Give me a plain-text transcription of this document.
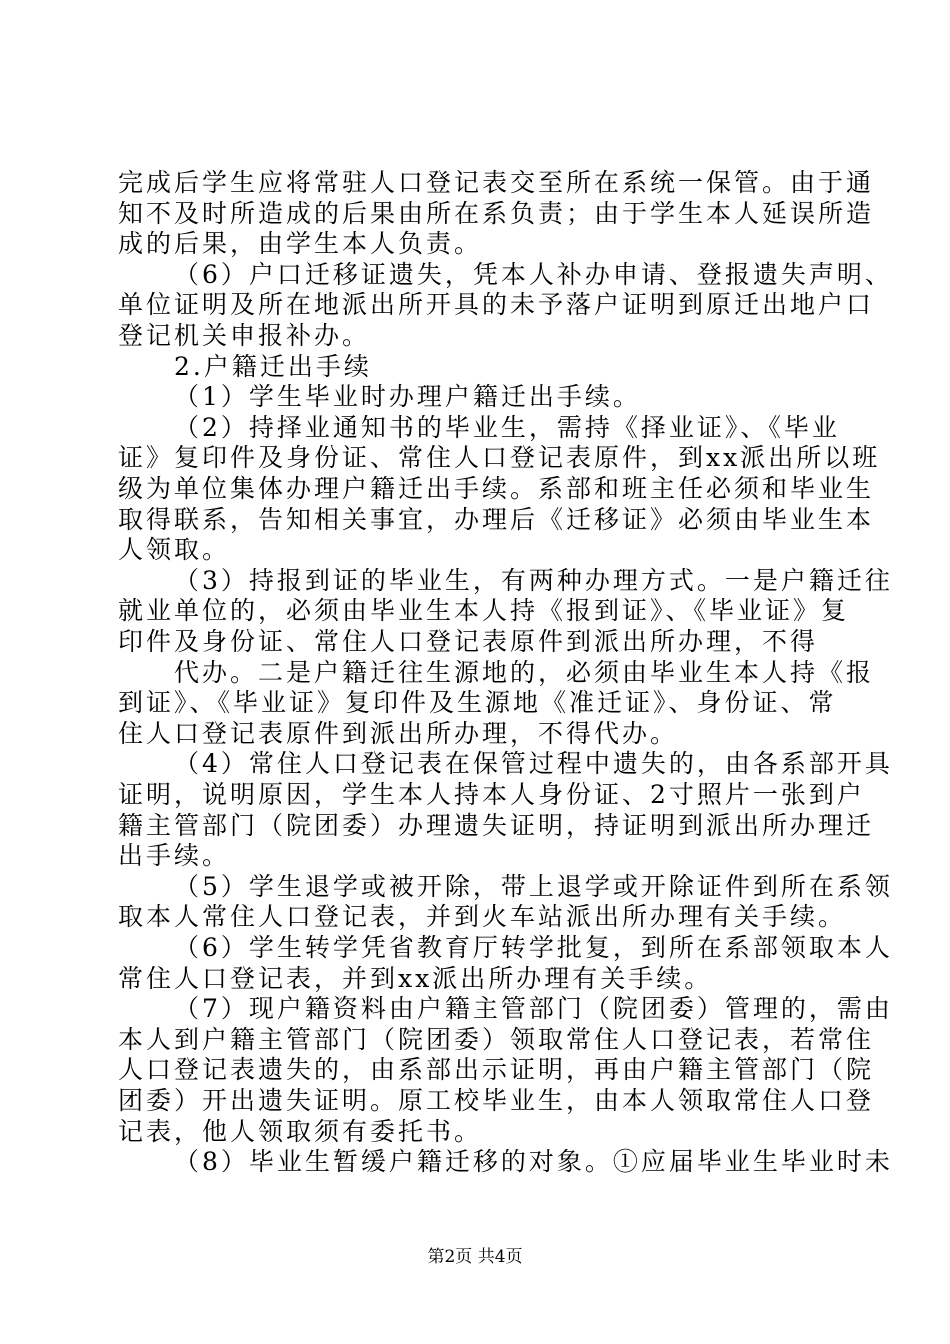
完成后学生应将常驻人口登记表交至所在系统一保管。由于通
知不及时所造成的后果由所在系负责；由于学生本人延误所造
成的后果，由学生本人负责。
（6）户口迁移证遗失，凭本人补办申请、登报遗失声明、
单位证明及所在地派出所开具的未予落户证明到原迁出地户口
登记机关申报补办。
2.户籍迁出手续
（1）学生毕业时办理户籍迁出手续。
（2）持择业通知书的毕业生，需持《择业证》、《毕业
证》复印件及身份证、常住人口登记表原件，到xx派出所以班
级为单位集体办理户籍迁出手续。系部和班主任必须和毕业生
取得联系，告知相关事宜，办理后《迁移证》必须由毕业生本
人领取。
（3）持报到证的毕业生，有两种办理方式。一是户籍迁往
就业单位的，必须由毕业生本人持《报到证》、《毕业证》复
印件及身份证、常住人口登记表原件到派出所办理，不得
代办。二是户籍迁往生源地的，必须由毕业生本人持《报
到证》、《毕业证》复印件及生源地《准迁证》、身份证、常
住人口登记表原件到派出所办理，不得代办。
（4）常住人口登记表在保管过程中遗失的，由各系部开具
证明，说明原因，学生本人持本人身份证、2寸照片一张到户
籍主管部门（院团委）办理遗失证明，持证明到派出所办理迁
出手续。
（5）学生退学或被开除，带上退学或开除证件到所在系领
取本人常住人口登记表，并到火车站派出所办理有关手续。
（6）学生转学凭省教育厅转学批复，到所在系部领取本人
常住人口登记表，并到xx派出所办理有关手续。
（7）现户籍资料由户籍主管部门（院团委）管理的，需由
本人到户籍主管部门（院团委）领取常住人口登记表，若常住
人口登记表遗失的，由系部出示证明，再由户籍主管部门（院
团委）开出遗失证明。原工校毕业生，由本人领取常住人口登
记表，他人领取须有委托书。
（8）毕业生暂缓户籍迁移的对象。①应届毕业生毕业时未
第2页 共4页
